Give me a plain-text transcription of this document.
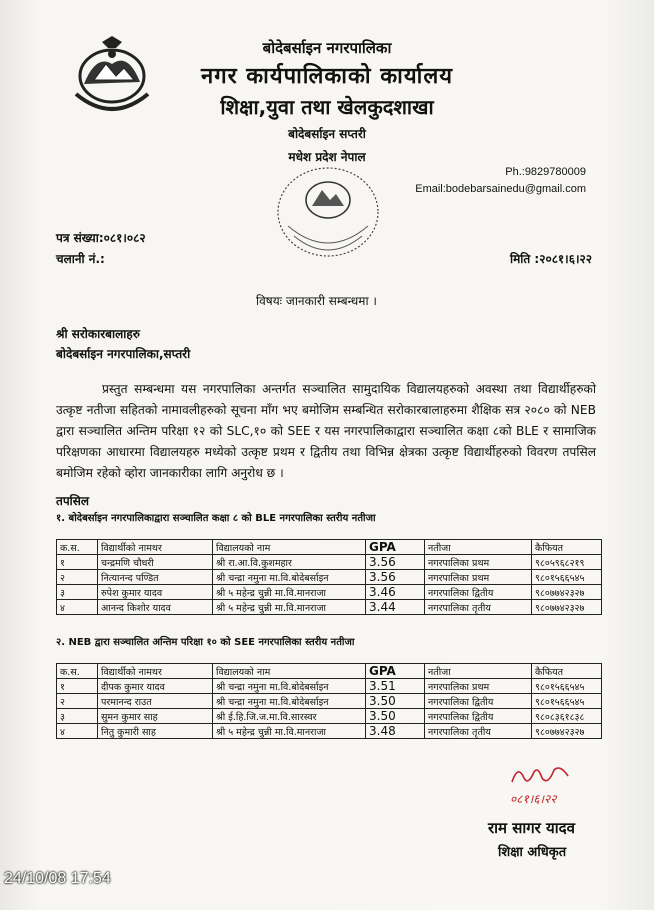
बोदेबर्साइन नगरपालिका
नगर कार्यपालिकाको कार्यालय
शिक्षा,युवा तथा खेलकुदशाखा
बोदेबर्साइन सप्तरी
मधेश प्रदेश नेपाल
Ph.:9829780009
Email:bodebarsainedu@gmail.com
पत्र संख्या:०८१।०८२
चलानी नं.:	मिति :२०८१।६।२२
विषयः जानकारी सम्बन्धमा ।
श्री सरोकारबालाहरु
बोदेबर्साइन नगरपालिका,सप्तरी
प्रस्तुत सम्बन्धमा यस नगरपालिका अन्तर्गत सञ्चालित सामुदायिक विद्यालयहरुको अवस्था तथा विद्यार्थीहरुको उत्कृष्ट नतीजा सहितको नामावलीहरुको सूचना माँग भए बमोजिम सम्बन्धित सरोकारबालाहरुमा शैक्षिक सत्र २०८० को NEB द्वारा सञ्चालित अन्तिम परिक्षा १२ को SLC,१० को SEE र यस नगरपालिकाद्वारा सञ्चालित कक्षा ८को BLE र सामाजिक परिक्षणका आधारमा विद्यालयहरु मध्येको उत्कृष्ट प्रथम र द्वितीय तथा विभिन्न क्षेत्रका उत्कृष्ट विद्यार्थीहरुको विवरण तपसिल बमोजिम रहेको व्होरा जानकारीका लागि अनुरोध छ ।
तपसिल
१. बोदेबर्साइन नगरपालिकाद्वारा सञ्चालित कक्षा ८ को BLE नगरपालिका स्तरीय नतीजा
क.स.	विद्यार्थीको नामथर	विद्यालयको नाम	GPA	नतीजा	कैफियत
१	चन्द्रमणि चौधरी	श्री रा.आ.वि.कुशमहार	3.56	नगरपालिका प्रथम	९८०५९६८२१९
२	नित्यानन्द पण्डित	श्री चन्द्रा नमुना मा.वि.बोदेबर्साइन	3.56	नगरपालिका प्रथम	९८०१५६६५४५
३	रुपेश कुमार यादव	श्री ५ महेन्द्र चुन्नी मा.वि.मानराजा	3.46	नगरपालिका द्वितीय	९८०७७४२३२७
४	आनन्द किशोर यादव	श्री ५ महेन्द्र चुन्नी मा.वि.मानराजा	3.44	नगरपालिका तृतीय	९८०७७४२३२७
२. NEB द्वारा सञ्चालित अन्तिम परिक्षा १० को SEE नगरपालिका स्तरीय नतीजा
क.स.	विद्यार्थीको नामथर	विद्यालयको नाम	GPA	नतीजा	कैफियत
१	दीपक कुमार यादव	श्री चन्द्रा नमुना मा.वि.बोदेबर्साइन	3.51	नगरपालिका प्रथम	९८०१५६६५४५
२	परमानन्द राउत	श्री चन्द्रा नमुना मा.वि.बोदेबर्साइन	3.50	नगरपालिका द्वितीय	९८०१५६६५४५
३	सुमन कुमार साह	श्री ई.हि.जि.ज.मा.वि.सारस्वर	3.50	नगरपालिका द्वितीय	९८०८३६१८३८
४	नितु कुमारी साह	श्री ५ महेन्द्र चुन्नी मा.वि.मानराजा	3.48	नगरपालिका तृतीय	९८०७७४२३२७
०८१।६।२२
राम सागर यादव
शिक्षा अधिकृत
24/10/08 17:54
